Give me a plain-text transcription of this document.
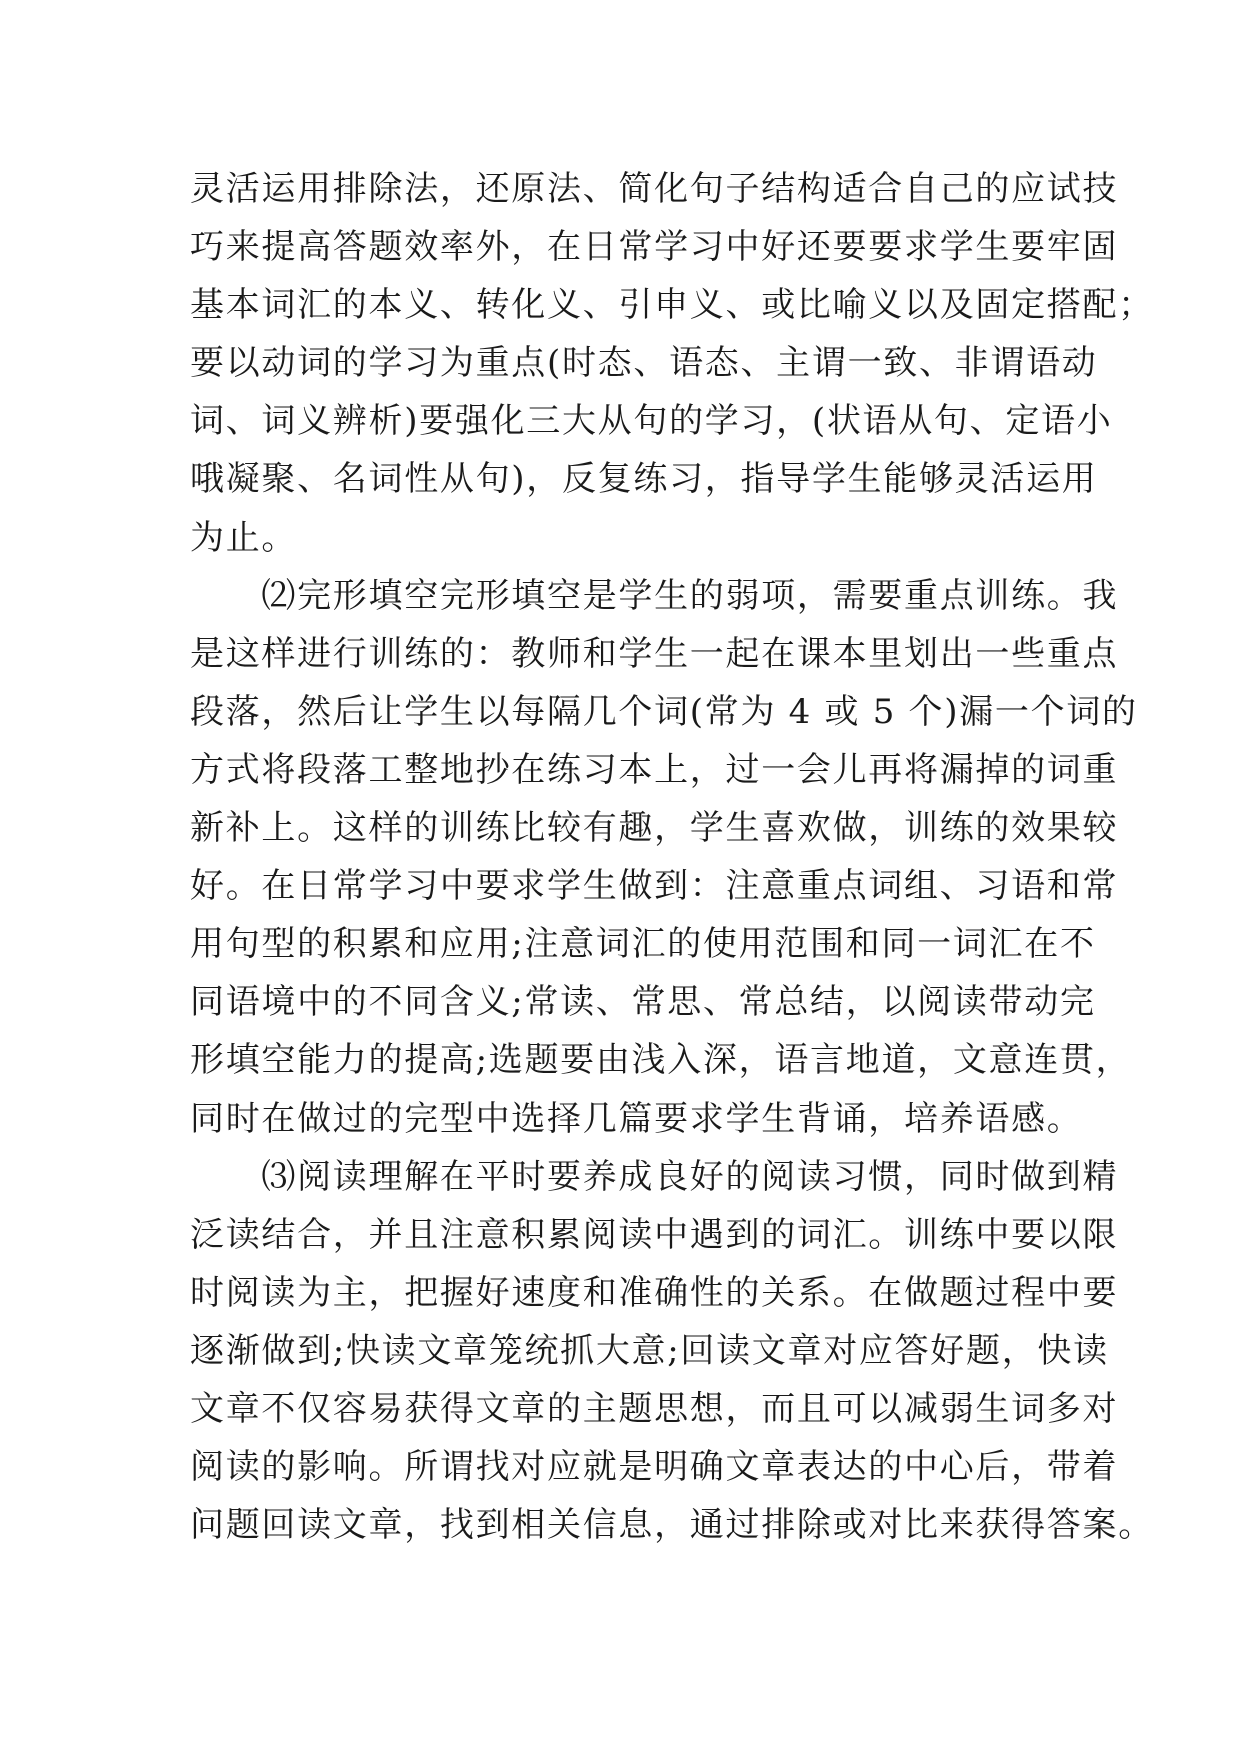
灵活运用排除法，还原法、简化句子结构适合自己的应试技
巧来提高答题效率外，在日常学习中好还要要求学生要牢固
基本词汇的本义、转化义、引申义、或比喻义以及固定搭配；
要以动词的学习为重点(时态、语态、主谓一致、非谓语动
词、词义辨析)要强化三大从句的学习，(状语从句、定语小
哦凝聚、名词性从句)，反复练习，指导学生能够灵活运用
为止。
　　⑵完形填空完形填空是学生的弱项，需要重点训练。我
是这样进行训练的：教师和学生一起在课本里划出一些重点
段落，然后让学生以每隔几个词(常为 4 或 5 个)漏一个词的
方式将段落工整地抄在练习本上，过一会儿再将漏掉的词重
新补上。这样的训练比较有趣，学生喜欢做，训练的效果较
好。在日常学习中要求学生做到：注意重点词组、习语和常
用句型的积累和应用;注意词汇的使用范围和同一词汇在不
同语境中的不同含义;常读、常思、常总结，以阅读带动完
形填空能力的提高;选题要由浅入深，语言地道，文意连贯，
同时在做过的完型中选择几篇要求学生背诵，培养语感。
　　⑶阅读理解在平时要养成良好的阅读习惯，同时做到精
泛读结合，并且注意积累阅读中遇到的词汇。训练中要以限
时阅读为主，把握好速度和准确性的关系。在做题过程中要
逐渐做到;快读文章笼统抓大意;回读文章对应答好题，快读
文章不仅容易获得文章的主题思想，而且可以减弱生词多对
阅读的影响。所谓找对应就是明确文章表达的中心后，带着
问题回读文章，找到相关信息，通过排除或对比来获得答案。
